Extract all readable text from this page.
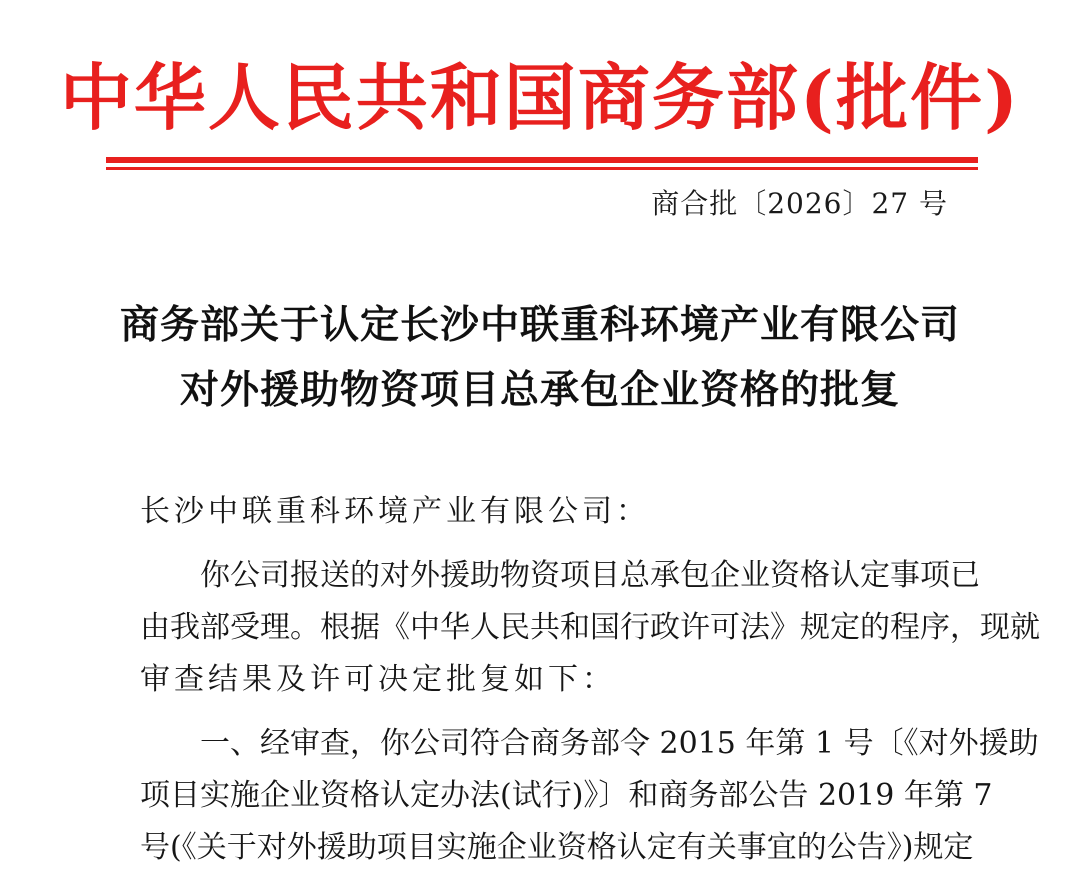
中华人民共和国商务部(批件)
商合批〔2026〕27 号
商务部关于认定长沙中联重科环境产业有限公司
对外援助物资项目总承包企业资格的批复
长沙中联重科环境产业有限公司：
你公司报送的对外援助物资项目总承包企业资格认定事项已
由我部受理。根据《中华人民共和国行政许可法》规定的程序，现就
审查结果及许可决定批复如下：
一、经审查，你公司符合商务部令 2015 年第 1 号〔《对外援助
项目实施企业资格认定办法(试行)》〕和商务部公告 2019 年第 7
号(《关于对外援助项目实施企业资格认定有关事宜的公告》)规定
